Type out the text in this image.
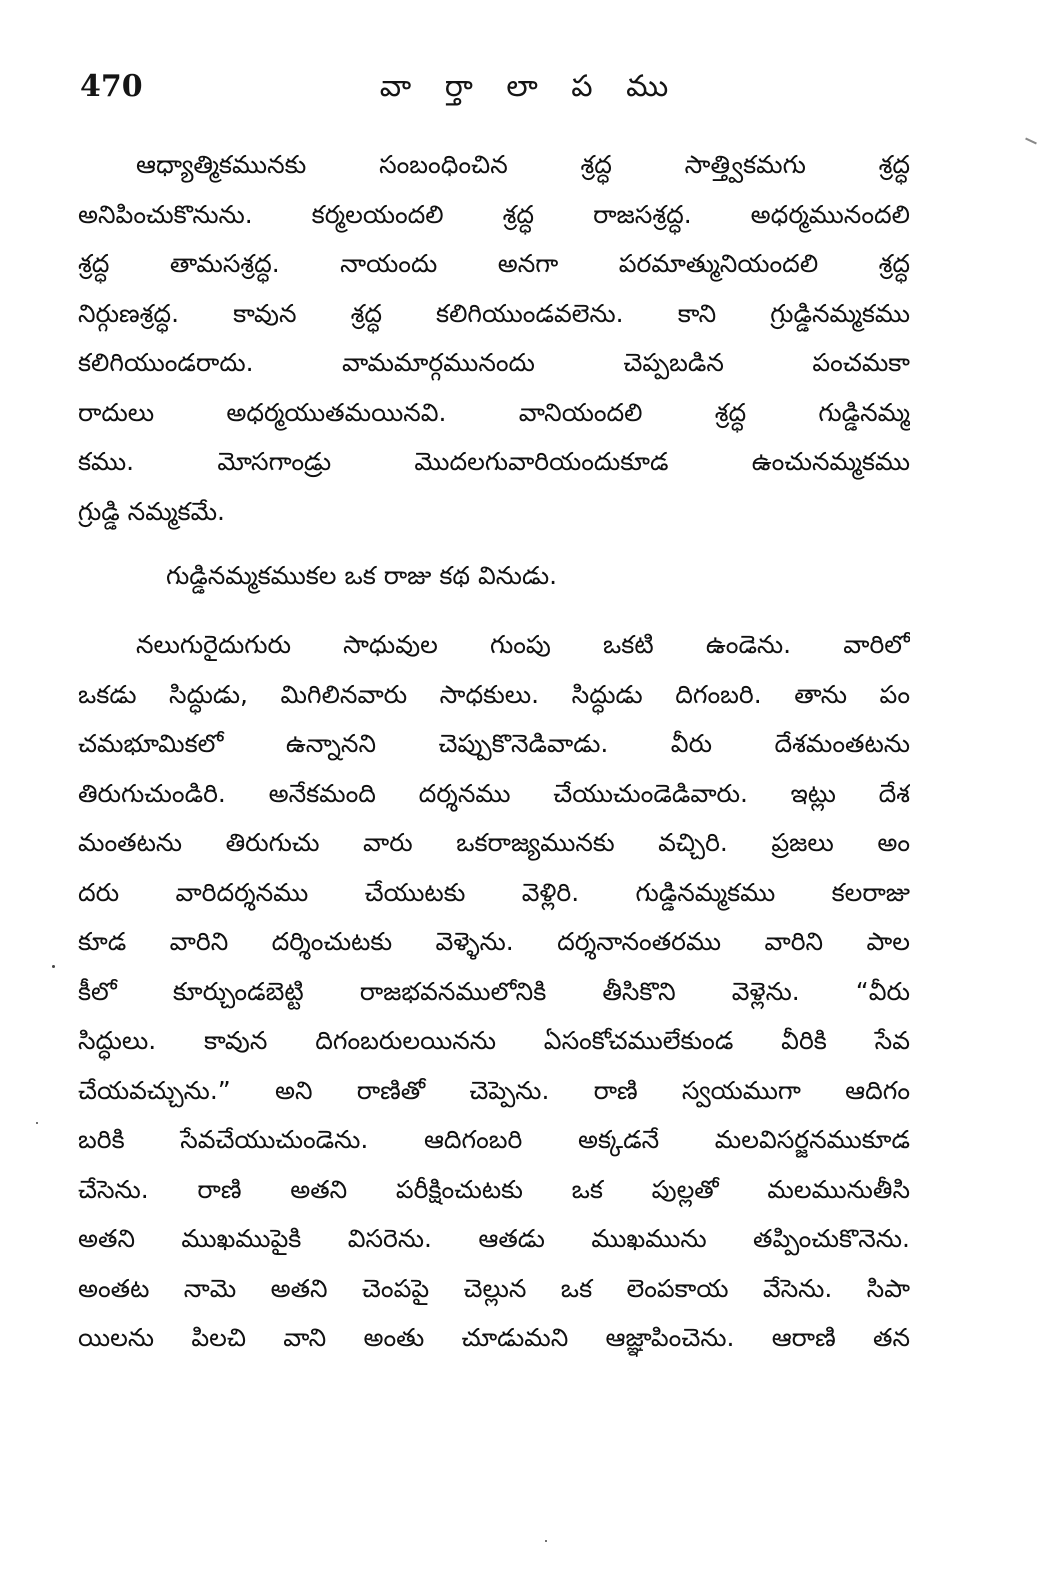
470	వా ర్తా లా ప ము
ఆధ్యాత్మికమునకు సంబంధించిన శ్రద్ధ సాత్త్వికమగు శ్రద్ధ
అనిపించుకొనును. కర్మలయందలి శ్రద్ధ రాజసశ్రద్ధ. అధర్మమునందలి
శ్రద్ధ తామసశ్రద్ధ. నాయందు అనగా పరమాత్మునియందలి శ్రద్ధ
నిర్గుణశ్రద్ధ. కావున శ్రద్ధ కలిగియుండవలెను. కాని గ్రుడ్డినమ్మకము
కలిగియుండరాదు. వామమార్గమునందు చెప్పబడిన పంచమకా
రాదులు అధర్మయుతమయినవి. వానియందలి శ్రద్ధ గుడ్డినమ్మ
కము. మోసగాండ్రు మొదలగువారియందుకూడ ఉంచునమ్మకము
గ్రుడ్డి నమ్మకమే.
గుడ్డినమ్మకముకల ఒక రాజు కథ వినుడు.
నలుగురైదుగురు సాధువుల గుంపు ఒకటి ఉండెను. వారిలో
ఒకడు సిద్ధుడు, మిగిలినవారు సాధకులు. సిద్ధుడు దిగంబరి. తాను పం
చమభూమికలో ఉన్నానని చెప్పుకొనెడివాడు. వీరు దేశమంతటను
తిరుగుచుండిరి. అనేకమంది దర్శనము చేయుచుండెడివారు. ఇట్లు దేశ
మంతటను తిరుగుచు వారు ఒకరాజ్యమునకు వచ్చిరి. ప్రజలు అం
దరు వారిదర్శనము చేయుటకు వెళ్లిరి. గుడ్డినమ్మకము కలరాజు
కూడ వారిని దర్శించుటకు వెళ్ళెను. దర్శనానంతరము వారిని పాల
కీలో కూర్చుండబెట్టి రాజభవనములోనికి తీసికొని వెళ్లెను. “వీరు
సిద్ధులు. కావున దిగంబరులయినను ఏసంకోచములేకుండ వీరికి సేవ
చేయవచ్చును.” అని రాణితో చెప్పెను. రాణి స్వయముగా ఆదిగం
బరికి సేవచేయుచుండెను. ఆదిగంబరి అక్కడనే మలవిసర్జనముకూడ
చేసెను. రాణి అతని పరీక్షించుటకు ఒక పుల్లతో మలమునుతీసి
అతని ముఖముపైకి విసరెను. ఆతడు ముఖమును తప్పించుకొనెను.
అంతట నామె అతని చెంపపై చెల్లున ఒక లెంపకాయ వేసెను. సిపా
యిలను పిలచి వాని అంతు చూడుమని ఆజ్ఞాపించెను. ఆరాణి తన
